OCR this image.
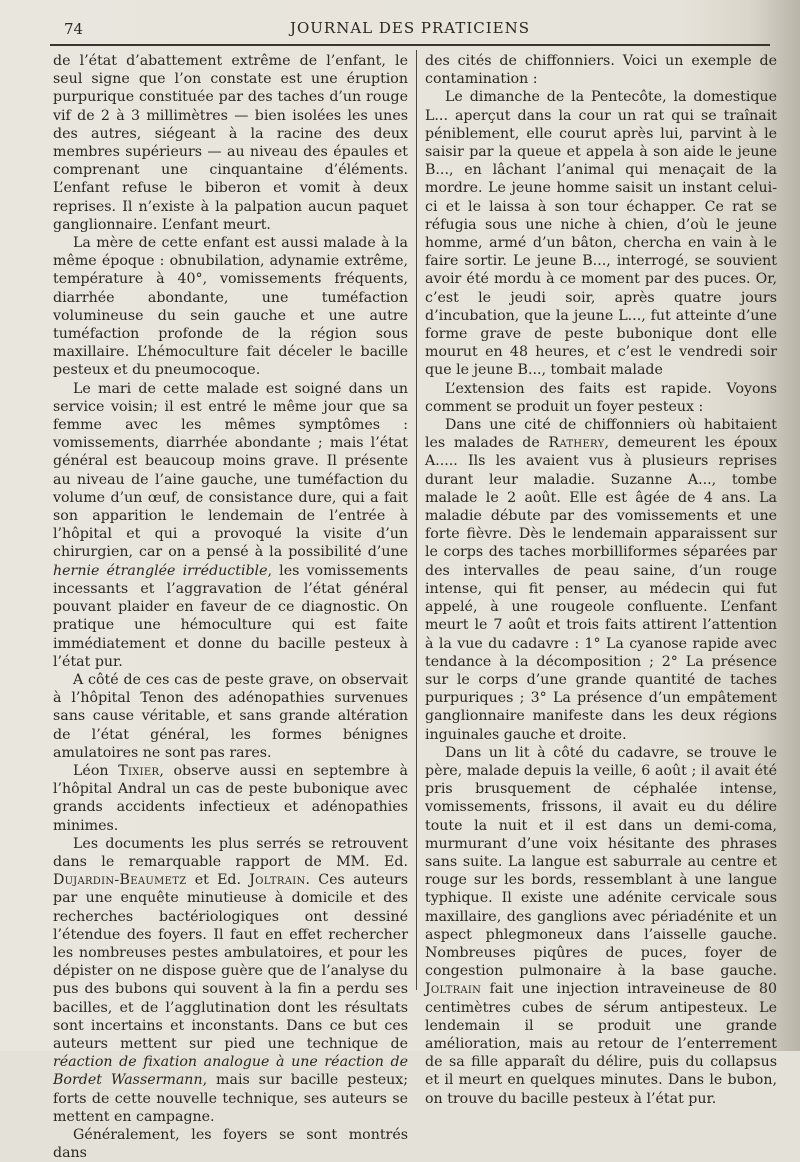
74	JOURNAL DES PRATICIENS

de l’état d’abattement extrême de l’enfant, le seul signe que l’on constate est une éruption purpurique constituée par des taches d’un rouge vif de 2 à 3 millimètres — bien isolées les unes des autres, siégeant à la racine des deux membres supérieurs — au niveau des épaules et comprenant une cinquantaine d’éléments. L’enfant refuse le biberon et vomit à deux reprises. Il n’existe à la palpation aucun paquet ganglionnaire. L’enfant meurt.

La mère de cette enfant est aussi malade à la même époque : obnubilation, adynamie extrême, température à 40°, vomissements fréquents, diarrhée abondante, une tuméfaction volumineuse du sein gauche et une autre tuméfaction profonde de la région sous maxillaire. L’hémoculture fait déceler le bacille pesteux et du pneumocoque.

Le mari de cette malade est soigné dans un service voisin; il est entré le même jour que sa femme avec les mêmes symptômes : vomissements, diarrhée abondante ; mais l’état général est beaucoup moins grave. Il présente au niveau de l’aine gauche, une tuméfaction du volume d’un œuf, de consistance dure, qui a fait son apparition le lendemain de l’entrée à l’hôpital et qui a provoqué la visite d’un chirurgien, car on a pensé à la possibilité d’une hernie étranglée irréductible, les vomissements incessants et l’aggravation de l’état général pouvant plaider en faveur de ce diagnostic. On pratique une hémoculture qui est faite immédiatement et donne du bacille pesteux à l’état pur.

A côté de ces cas de peste grave, on observait à l’hôpital Tenon des adénopathies survenues sans cause véritable, et sans grande altération de l’état général, les formes bénignes amulatoires ne sont pas rares.

Léon Tixier, observe aussi en septembre à l’hôpital Andral un cas de peste bubonique avec grands accidents infectieux et adénopathies minimes.

Les documents les plus serrés se retrouvent dans le remarquable rapport de MM. Ed. Dujardin-Beaumetz et Ed. Joltrain. Ces auteurs par une enquête minutieuse à domicile et des recherches bactériologiques ont dessiné l’étendue des foyers. Il faut en effet rechercher les nombreuses pestes ambulatoires, et pour les dépister on ne dispose guère que de l’analyse du pus des bubons qui souvent à la fin a perdu ses bacilles, et de l’agglutination dont les résultats sont incertains et inconstants. Dans ce but ces auteurs mettent sur pied une technique de réaction de fixation analogue à une réaction de Bordet Wassermann, mais sur bacille pesteux; forts de cette nouvelle technique, ses auteurs se mettent en campagne.

Généralement, les foyers se sont montrés dans

des cités de chiffonniers. Voici un exemple de contamination :

Le dimanche de la Pentecôte, la domestique L... aperçut dans la cour un rat qui se traînait péniblement, elle courut après lui, parvint à le saisir par la queue et appela à son aide le jeune B..., en lâchant l’animal qui menaçait de la mordre. Le jeune homme saisit un instant celui-ci et le laissa à son tour échapper. Ce rat se réfugia sous une niche à chien, d’où le jeune homme, armé d’un bâton, chercha en vain à le faire sortir. Le jeune B..., interrogé, se souvient avoir été mordu à ce moment par des puces. Or, c’est le jeudi soir, après quatre jours d’incubation, que la jeune L..., fut atteinte d’une forme grave de peste bubonique dont elle mourut en 48 heures, et c’est le vendredi soir que le jeune B..., tombait malade

L’extension des faits est rapide. Voyons comment se produit un foyer pesteux :

Dans une cité de chiffonniers où habitaient les malades de Rathery, demeurent les époux A..... Ils les avaient vus à plusieurs reprises durant leur maladie. Suzanne A..., tombe malade le 2 août. Elle est âgée de 4 ans. La maladie débute par des vomissements et une forte fièvre. Dès le lendemain apparaissent sur le corps des taches morbilliformes séparées par des intervalles de peau saine, d’un rouge intense, qui fit penser, au médecin qui fut appelé, à une rougeole confluente. L’enfant meurt le 7 août et trois faits attirent l’attention à la vue du cadavre : 1° La cyanose rapide avec tendance à la décomposition ; 2° La présence sur le corps d’une grande quantité de taches purpuriques ; 3° La présence d’un empâtement ganglionnaire manifeste dans les deux régions inguinales gauche et droite.

Dans un lit à côté du cadavre, se trouve le père, malade depuis la veille, 6 août ; il avait été pris brusquement de céphalée intense, vomissements, frissons, il avait eu du délire toute la nuit et il est dans un demi-coma, murmurant d’une voix hésitante des phrases sans suite. La langue est saburrale au centre et rouge sur les bords, ressemblant à une langue typhique. Il existe une adénite cervicale sous maxillaire, des ganglions avec périadénite et un aspect phlegmoneux dans l’aisselle gauche. Nombreuses piqûres de puces, foyer de congestion pulmonaire à la base gauche. Joltrain fait une injection intraveineuse de 80 centimètres cubes de sérum antipesteux. Le lendemain il se produit une grande amélioration, mais au retour de l’enterrement de sa fille apparaît du délire, puis du collapsus et il meurt en quelques minutes. Dans le bubon, on trouve du bacille pesteux à l’état pur.
